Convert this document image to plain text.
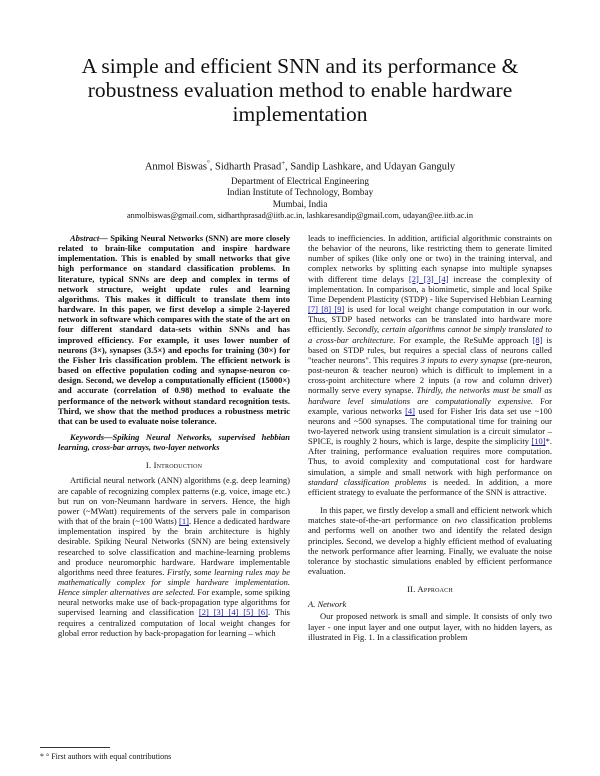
A simple and efficient SNN and its performance & robustness evaluation method to enable hardware implementation
Anmol Biswas°, Sidharth Prasad+, Sandip Lashkare, and Udayan Ganguly
Department of Electrical Engineering
Indian Institute of Technology, Bombay
Mumbai, India
anmolbiswas@gmail.com, sidharthprasad@iitb.ac.in, lashkaresandip@gmail.com, udayan@ee.iitb.ac.in

Abstract— Spiking Neural Networks (SNN) are more closely related to brain-like computation and inspire hardware implementation. This is enabled by small networks that give high performance on standard classification problems. In literature, typical SNNs are deep and complex in terms of network structure, weight update rules and learning algorithms. This makes it difficult to translate them into hardware. In this paper, we first develop a simple 2-layered network in software which compares with the state of the art on four different standard data-sets within SNNs and has improved efficiency. For example, it uses lower number of neurons (3×), synapses (3.5×) and epochs for training (30×) for the Fisher Iris classification problem. The efficient network is based on effective population coding and synapse-neuron co-design. Second, we develop a computationally efficient (15000×) and accurate (correlation of 0.98) method to evaluate the performance of the network without standard recognition tests. Third, we show that the method produces a robustness metric that can be used to evaluate noise tolerance.

Keywords—Spiking Neural Networks, supervised hebbian learning, cross-bar arrays, two-layer networks

I. Introduction

Artificial neural network (ANN) algorithms (e.g. deep learning) are capable of recognizing complex patterns (e.g. voice, image etc.) but run on von-Neumann hardware in servers. Hence, the high power (~MWatt) requirements of the servers pale in comparison with that of the brain (~100 Watts) [1]. Hence a dedicated hardware implementation inspired by the brain architecture is highly desirable. Spiking Neural Networks (SNN) are being extensively researched to solve classification and machine-learning problems and produce neuromorphic hardware. Hardware implementable algorithms need three features. Firstly, some learning rules may be mathematically complex for simple hardware implementation. Hence simpler alternatives are selected. For example, some spiking neural networks make use of back-propagation type algorithms for supervised learning and classification [2] [3] [4] [5] [6]. This requires a centralized computation of local weight changes for global error reduction by back-propagation for learning – which

leads to inefficiencies. In addition, artificial algorithmic constraints on the behavior of the neurons, like restricting them to generate limited number of spikes (like only one or two) in the training interval, and complex networks by splitting each synapse into multiple synapses with different time delays [2] [3] [4] increase the complexity of implementation. In comparison, a biomimetic, simple and local Spike Time Dependent Plasticity (STDP) - like Supervised Hebbian Learning [7] [8] [9] is used for local weight change computation in our work. Thus, STDP based networks can be translated into hardware more efficiently. Secondly, certain algorithms cannot be simply translated to a cross-bar architecture. For example, the ReSuMe approach [8] is based on STDP rules, but requires a special class of neurons called "teacher neurons". This requires 3 inputs to every synapse (pre-neuron, post-neuron & teacher neuron) which is difficult to implement in a cross-point architecture where 2 inputs (a row and column driver) normally serve every synapse. Thirdly, the networks must be small as hardware level simulations are computationally expensive. For example, various networks [4] used for Fisher Iris data set use ~100 neurons and ~500 synapses. The computational time for training our two-layered network using transient simulation is a circuit simulator – SPICE, is roughly 2 hours, which is large, despite the simplicity [10]*. After training, performance evaluation requires more computation. Thus, to avoid complexity and computational cost for hardware simulation, a simple and small network with high performance on standard classification problems is needed. In addition, a more efficient strategy to evaluate the performance of the SNN is attractive.

In this paper, we firstly develop a small and efficient network which matches state-of-the-art performance on two classification problems and performs well on another two and identify the related design principles. Second, we develop a highly efficient method of evaluating the network performance after learning. Finally, we evaluate the noise tolerance by stochastic simulations enabled by efficient performance evaluation.

II. Approach

A. Network

Our proposed network is small and simple. It consists of only two layer - one input layer and one output layer, with no hidden layers, as illustrated in Fig. 1. In a classification problem

* ° First authors with equal contributions
